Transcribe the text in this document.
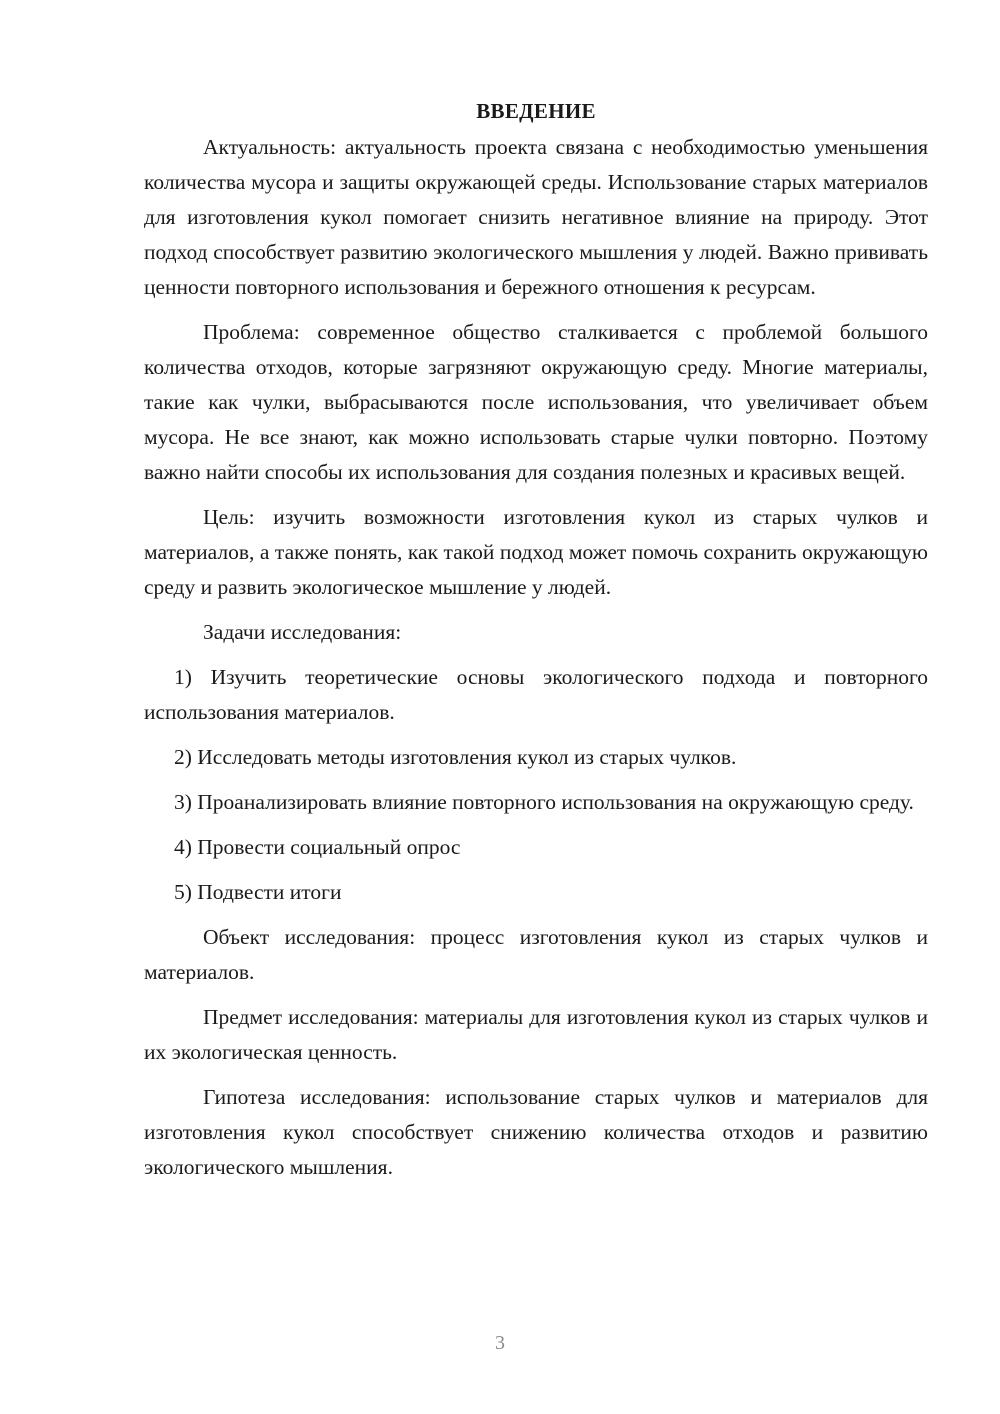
ВВЕДЕНИЕ

Актуальность: актуальность проекта связана с необходимостью уменьшения количества мусора и защиты окружающей среды. Использование старых материалов для изготовления кукол помогает снизить негативное влияние на природу. Этот подход способствует развитию экологического мышления у людей. Важно прививать ценности повторного использования и бережного отношения к ресурсам.

Проблема: современное общество сталкивается с проблемой большого количества отходов, которые загрязняют окружающую среду. Многие материалы, такие как чулки, выбрасываются после использования, что увеличивает объем мусора. Не все знают, как можно использовать старые чулки повторно. Поэтому важно найти способы их использования для создания полезных и красивых вещей.

Цель: изучить возможности изготовления кукол из старых чулков и материалов, а также понять, как такой подход может помочь сохранить окружающую среду и развить экологическое мышление у людей.

Задачи исследования:

1) Изучить теоретические основы экологического подхода и повторного использования материалов.

2) Исследовать методы изготовления кукол из старых чулков.

3) Проанализировать влияние повторного использования на окружающую среду.

4) Провести социальный опрос

5) Подвести итоги

Объект исследования: процесс изготовления кукол из старых чулков и материалов.

Предмет исследования: материалы для изготовления кукол из старых чулков и их экологическая ценность.

Гипотеза исследования: использование старых чулков и материалов для изготовления кукол способствует снижению количества отходов и развитию экологического мышления.

3
